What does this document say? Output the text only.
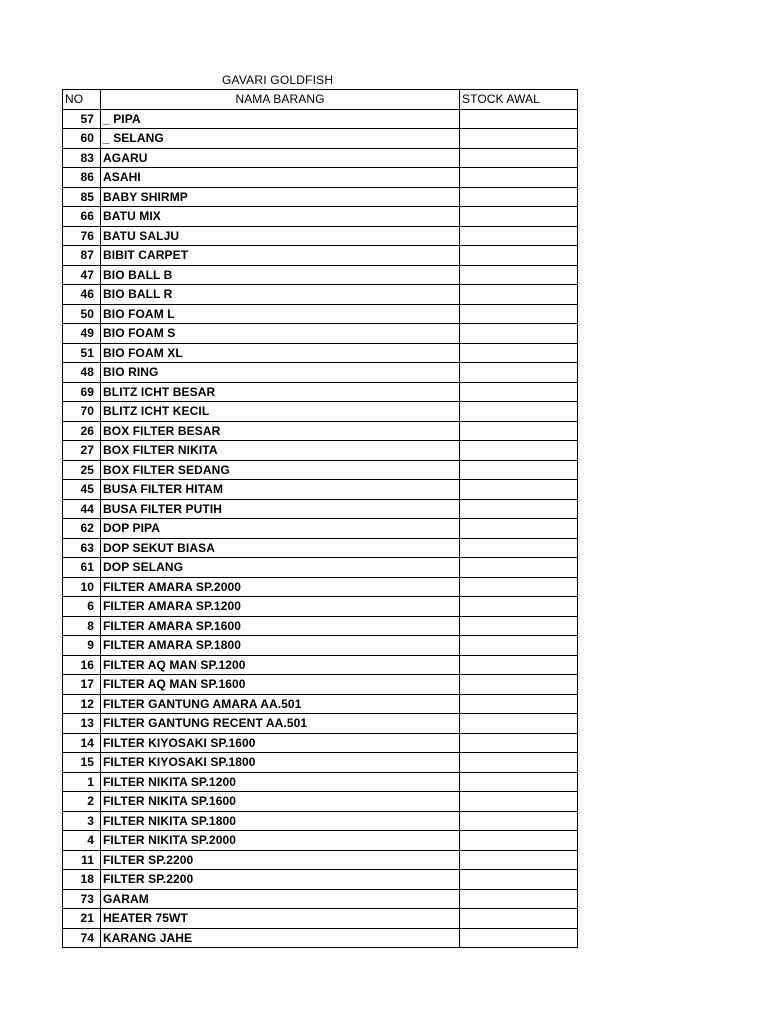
GAVARI GOLDFISH
NO	NAMA BARANG	STOCK AWAL
57	_ PIPA	
60	_ SELANG	
83	AGARU	
86	ASAHI	
85	BABY SHIRMP	
66	BATU MIX	
76	BATU SALJU	
87	BIBIT CARPET	
47	BIO BALL B	
46	BIO BALL R	
50	BIO FOAM L	
49	BIO FOAM S	
51	BIO FOAM XL	
48	BIO RING	
69	BLITZ ICHT BESAR	
70	BLITZ ICHT KECIL	
26	BOX FILTER BESAR	
27	BOX FILTER NIKITA	
25	BOX FILTER SEDANG	
45	BUSA FILTER HITAM	
44	BUSA FILTER PUTIH	
62	DOP PIPA	
63	DOP SEKUT BIASA	
61	DOP SELANG	
10	FILTER AMARA SP.2000	
6	FILTER AMARA SP.1200	
8	FILTER AMARA SP.1600	
9	FILTER AMARA SP.1800	
16	FILTER AQ MAN SP.1200	
17	FILTER AQ MAN SP.1600	
12	FILTER GANTUNG AMARA AA.501	
13	FILTER GANTUNG RECENT AA.501	
14	FILTER KIYOSAKI SP.1600	
15	FILTER KIYOSAKI SP.1800	
1	FILTER NIKITA SP.1200	
2	FILTER NIKITA SP.1600	
3	FILTER NIKITA SP.1800	
4	FILTER NIKITA SP.2000	
11	FILTER SP.2200	
18	FILTER SP.2200	
73	GARAM	
21	HEATER 75WT	
74	KARANG JAHE	
